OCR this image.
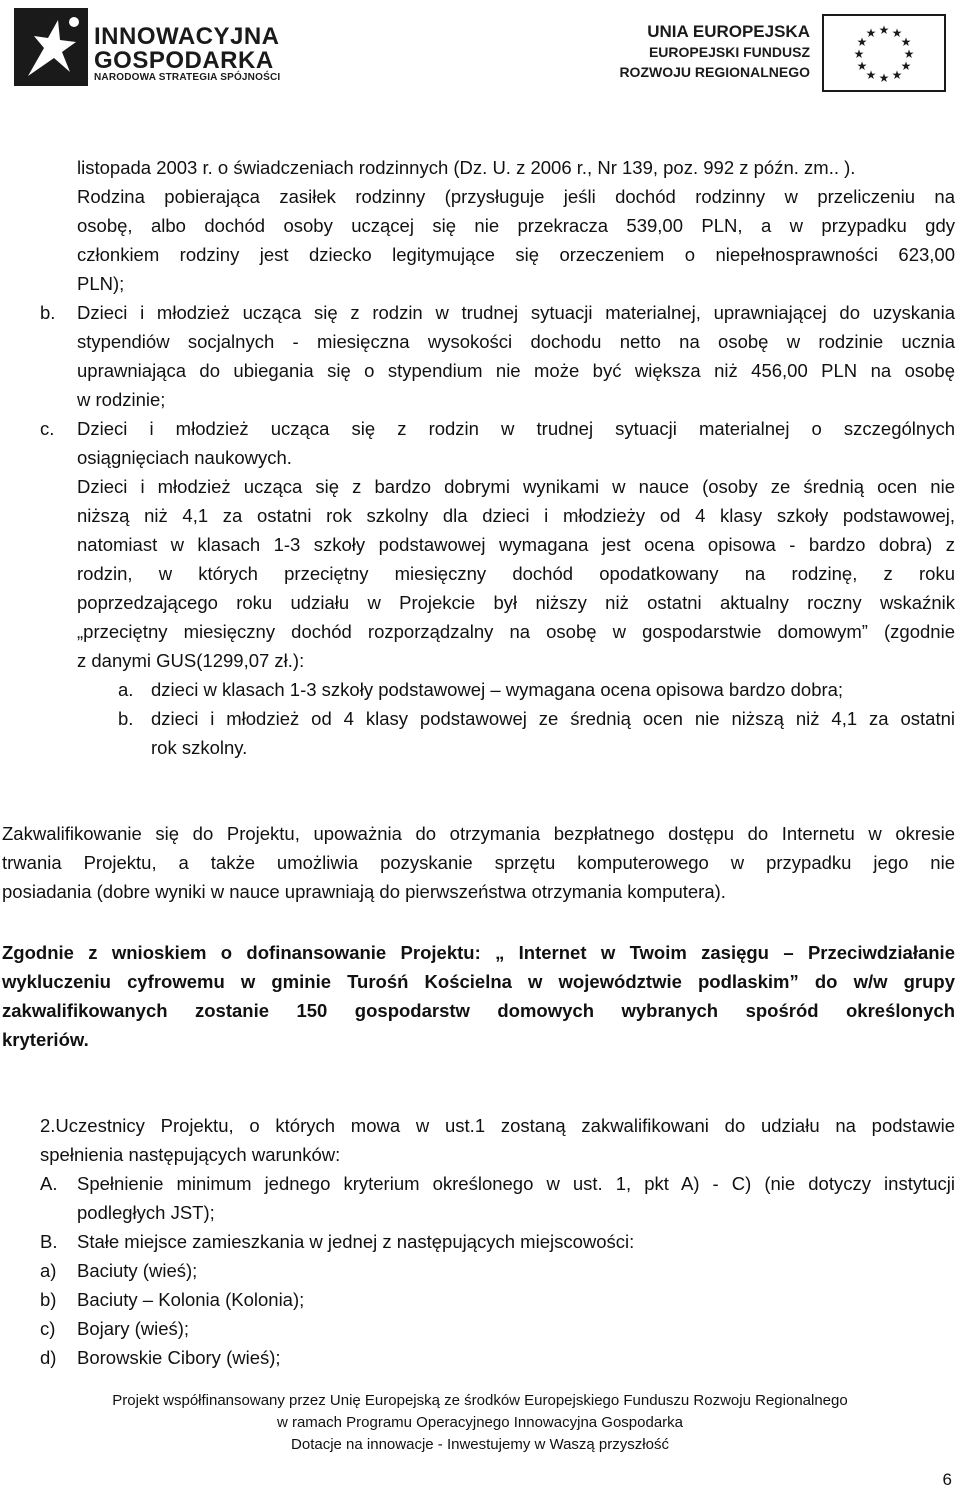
INNOWACYJNA
GOSPODARKA
NARODOWA STRATEGIA SPÓJNOŚCI
UNIA EUROPEJSKA
EUROPEJSKI FUNDUSZ
ROZWOJU REGIONALNEGO
★ ★
★
★
★
★
★
★
★
★
★
★
listopada 2003 r. o świadczeniach rodzinnych (Dz. U. z 2006 r., Nr 139, poz. 992 z późn. zm.. ).
Rodzina pobierająca zasiłek rodzinny (przysługuje jeśli dochód rodzinny w przeliczeniu na
osobę, albo dochód osoby uczącej się nie przekracza 539,00 PLN, a w przypadku gdy
członkiem rodziny jest dziecko legitymujące się orzeczeniem o niepełnosprawności 623,00
PLN);
b. Dzieci i młodzież ucząca się z rodzin w trudnej sytuacji materialnej, uprawniającej do uzyskania
stypendiów socjalnych - miesięczna wysokości dochodu netto na osobę w rodzinie ucznia
uprawniająca do ubiegania się o stypendium nie może być większa niż 456,00 PLN na osobę
w rodzinie;
c. Dzieci i młodzież ucząca się z rodzin w trudnej sytuacji materialnej o szczególnych
osiągnięciach naukowych.
Dzieci i młodzież ucząca się z bardzo dobrymi wynikami w nauce (osoby ze średnią ocen nie
niższą niż 4,1 za ostatni rok szkolny dla dzieci i młodzieży od 4 klasy szkoły podstawowej,
natomiast w klasach 1-3 szkoły podstawowej wymagana jest ocena opisowa - bardzo dobra) z
rodzin, w których przeciętny miesięczny dochód opodatkowany na rodzinę, z roku
poprzedzającego roku udziału w Projekcie był niższy niż ostatni aktualny roczny wskaźnik
„przeciętny miesięczny dochód rozporządzalny na osobę w gospodarstwie domowym” (zgodnie
z danymi GUS(1299,07 zł.):
a. dzieci w klasach 1-3 szkoły podstawowej – wymagana ocena opisowa bardzo dobra;
b. dzieci i młodzież od 4 klasy podstawowej ze średnią ocen nie niższą niż 4,1 za ostatni
rok szkolny.
Zakwalifikowanie się do Projektu, upoważnia do otrzymania bezpłatnego dostępu do Internetu w okresie
trwania Projektu, a także umożliwia pozyskanie sprzętu komputerowego w przypadku jego nie
posiadania (dobre wyniki w nauce uprawniają do pierwszeństwa otrzymania komputera).
Zgodnie z wnioskiem o dofinansowanie Projektu: „ Internet w Twoim zasięgu – Przeciwdziałanie
wykluczeniu cyfrowemu w gminie Turośń Kościelna w województwie podlaskim” do w/w grupy
zakwalifikowanych zostanie 150 gospodarstw domowych wybranych spośród określonych
kryteriów.
2.Uczestnicy Projektu, o których mowa w ust.1 zostaną zakwalifikowani do udziału na podstawie
spełnienia następujących warunków:
A. Spełnienie minimum jednego kryterium określonego w ust. 1, pkt A) - C) (nie dotyczy instytucji
podległych JST);
B. Stałe miejsce zamieszkania w jednej z następujących miejscowości:
a) Baciuty (wieś);
b) Baciuty – Kolonia (Kolonia);
c) Bojary (wieś);
d) Borowskie Cibory (wieś);
Projekt współfinansowany przez Unię Europejską ze środków Europejskiego Funduszu Rozwoju Regionalnego
w ramach Programu Operacyjnego Innowacyjna Gospodarka
Dotacje na innowacje - Inwestujemy w Waszą przyszłość
6
